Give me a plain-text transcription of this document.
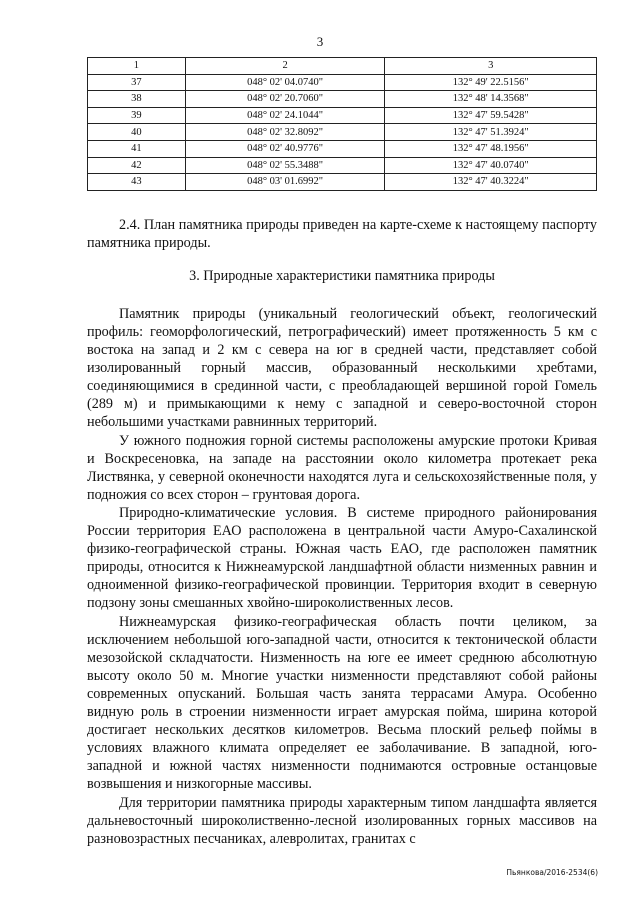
3
1	2	3
37	048° 02' 04.0740"	132° 49' 22.5156"
38	048° 02' 20.7060"	132° 48' 14.3568"
39	048° 02' 24.1044"	132° 47' 59.5428"
40	048° 02' 32.8092"	132° 47' 51.3924"
41	048° 02' 40.9776"	132° 47' 48.1956"
42	048° 02' 55.3488"	132° 47' 40.0740"
43	048° 03' 01.6992"	132° 47' 40.3224"

2.4. План памятника природы приведен на карте-схеме к настоящему паспорту памятника природы.

3. Природные характеристики памятника природы

Памятник природы (уникальный геологический объект, геологический профиль: геоморфологический, петрографический) имеет протяженность 5 км с востока на запад и 2 км с севера на юг в средней части, представляет собой изолированный горный массив, образованный несколькими хребтами, соединяющимися в срединной части, с преобладающей вершиной горой Гомель (289 м) и примыкающими к нему с западной и северо-восточной сторон небольшими участками равнинных территорий.

У южного подножия горной системы расположены амурские протоки Кривая и Воскресеновка, на западе на расстоянии около километра протекает река Листвянка, у северной оконечности находятся луга и сельскохозяйственные поля, у подножия со всех сторон – грунтовая дорога.

Природно-климатические условия. В системе природного районирования России территория ЕАО расположена в центральной части Амуро-Сахалинской физико-географической страны. Южная часть ЕАО, где расположен памятник природы, относится к Нижнеамурской ландшафтной области низменных равнин и одноименной физико-географической провинции. Территория входит в северную подзону зоны смешанных хвойно-широколиственных лесов.

Нижнеамурская физико-географическая область почти целиком, за исключением небольшой юго-западной части, относится к тектонической области мезозойской складчатости. Низменность на юге ее имеет среднюю абсолютную высоту около 50 м. Многие участки низменности представляют собой районы современных опусканий. Большая часть занята террасами Амура. Особенно видную роль в строении низменности играет амурская пойма, ширина которой достигает нескольких десятков километров. Весьма плоский рельеф поймы в условиях влажного климата определяет ее заболачивание. В западной, юго-западной и южной частях низменности поднимаются островные останцовые возвышения и низкогорные массивы.

Для территории памятника природы характерным типом ландшафта является дальневосточный широколиственно-лесной изолированных горных массивов на разновозрастных песчаниках, алевролитах, гранитах с

Пьянкова/2016-2534(6)
